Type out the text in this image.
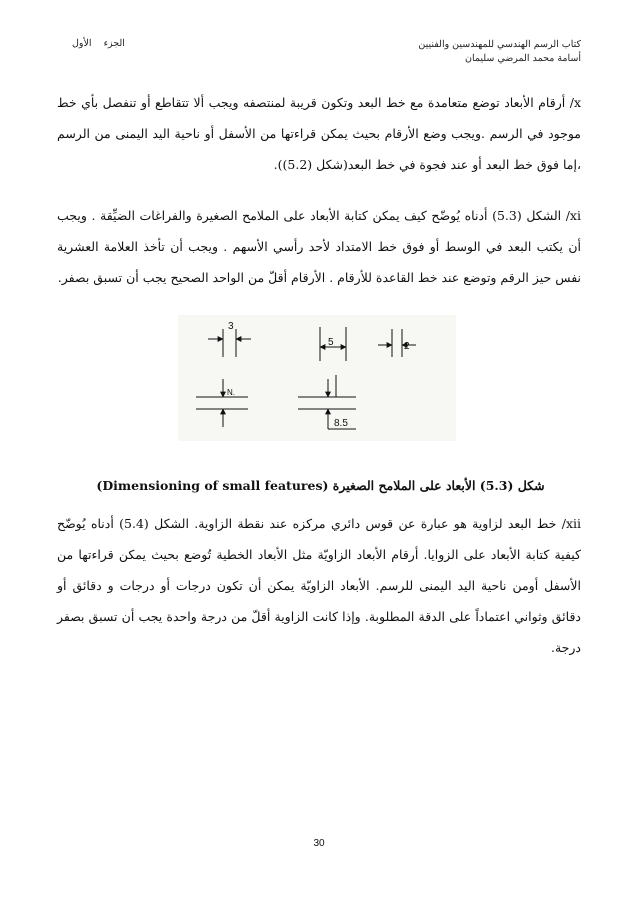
كتاب الرسم الهندسي للمهندسين والفنيين
أسامة محمد المرضي سليمان
الجزءالأول
x/ أرقام الأبعاد توضع متعامدة مع خط البعد وتكون قريبة لمنتصفه ويجب ألا تتقاطع أو تنفصل بأي خط موجود في الرسم .ويجب وضع الأرقام بحيث يمكن قراءتها من الأسفل أو ناحية اليد اليمنى من الرسم ،إما فوق خط البعد أو عند فجوة في خط البعد(شكل (5.2)).
xi/ الشكل (5.3) أدناه يُوضّح كيف يمكن كتابة الأبعاد على الملامح الصغيرة والفراغات الضيِّقة . ويجب أن يكتب البعد في الوسط أو فوق خط الامتداد لأحد رأسي الأسهم . ويجب أن تأخذ العلامة العشرية نفس حيز الرقم وتوضع عند خط القاعدة للأرقام . الأرقام أقلّ من الواحد الصحيح يجب أن تسبق بصفر.
3
5	2
N.
8.5
شكل (5.3) الأبعاد على الملامح الصغيرة (Dimensioning of small features)
xii/ خط البعد لزاوية هو عبارة عن قوس دائري مركزه عند نقطة الزاوية. الشكل (5.4) أدناه يُوضّح كيفية كتابة الأبعاد على الزوايا. أرقام الأبعاد الزاويّة مثل الأبعاد الخطية تُوضع بحيث يمكن قراءتها من الأسفل أومن ناحية اليد اليمنى للرسم. الأبعاد الزاويّة يمكن أن تكون درجات أو درجات و دقائق أو دقائق وثواني اعتماداً على الدقة المطلوبة. وإذا كانت الزاوية أقلّ من درجة واحدة يجب أن تسبق بصفر درجة.
30
